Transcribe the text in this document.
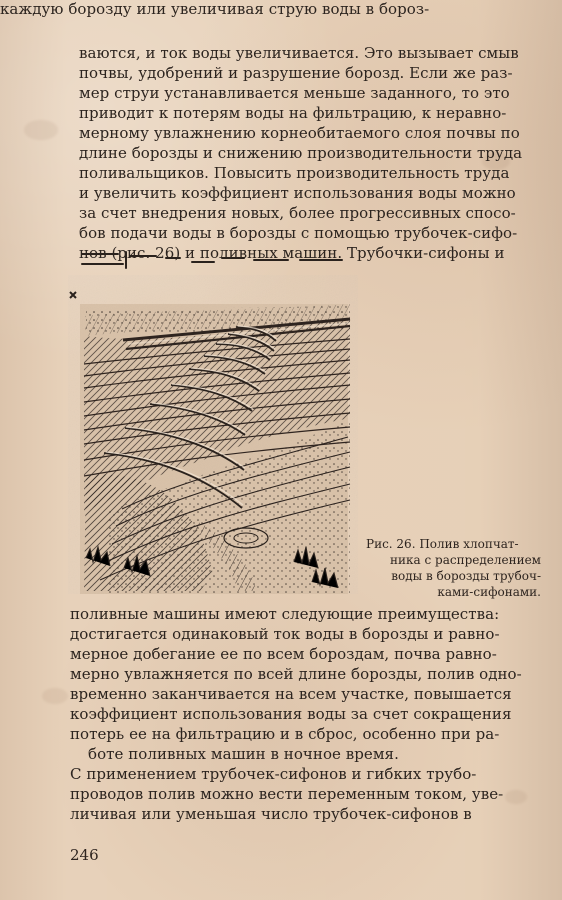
ваются, и ток воды увеличивается. Это вызывает смыв
почвы, удобрений и разрушение борозд. Если же раз-
мер струи устанавливается меньше заданного, то это
приводит к потерям воды на фильтрацию, к неравно-
мерному увлажнению корнеобитаемого слоя почвы по
длине борозды и снижению производительности труда
поливальщиков. Повысить производительность труда
и увеличить коэффициент использования воды можно
за счет внедрения новых, более прогрессивных спосо-
бов подачи воды в борозды с помощью трубочек-сифо-
нов (рис. 26) и поливных машин. Трубочки-сифоны и
Рис. 26. Полив хлопчат-
ника с распределением
воды в борозды трубоч-
ками-сифонами.
поливные машины имеют следующие преимущества:
достигается одинаковый ток воды в борозды и равно-
мерное добегание ее по всем бороздам, почва равно-
мерно увлажняется по всей длине борозды, полив одно-
временно заканчивается на всем участке, повышается
коэффициент использования воды за счет сокращения
потерь ее на фильтрацию и в сброс, особенно при ра-
боте поливных машин в ночное время.
С применением трубочек-сифонов и гибких трубо-
проводов полив можно вести переменным током, уве-
личивая или уменьшая число трубочек-сифонов в
каждую борозду или увеличивая струю воды в бороз-
246
